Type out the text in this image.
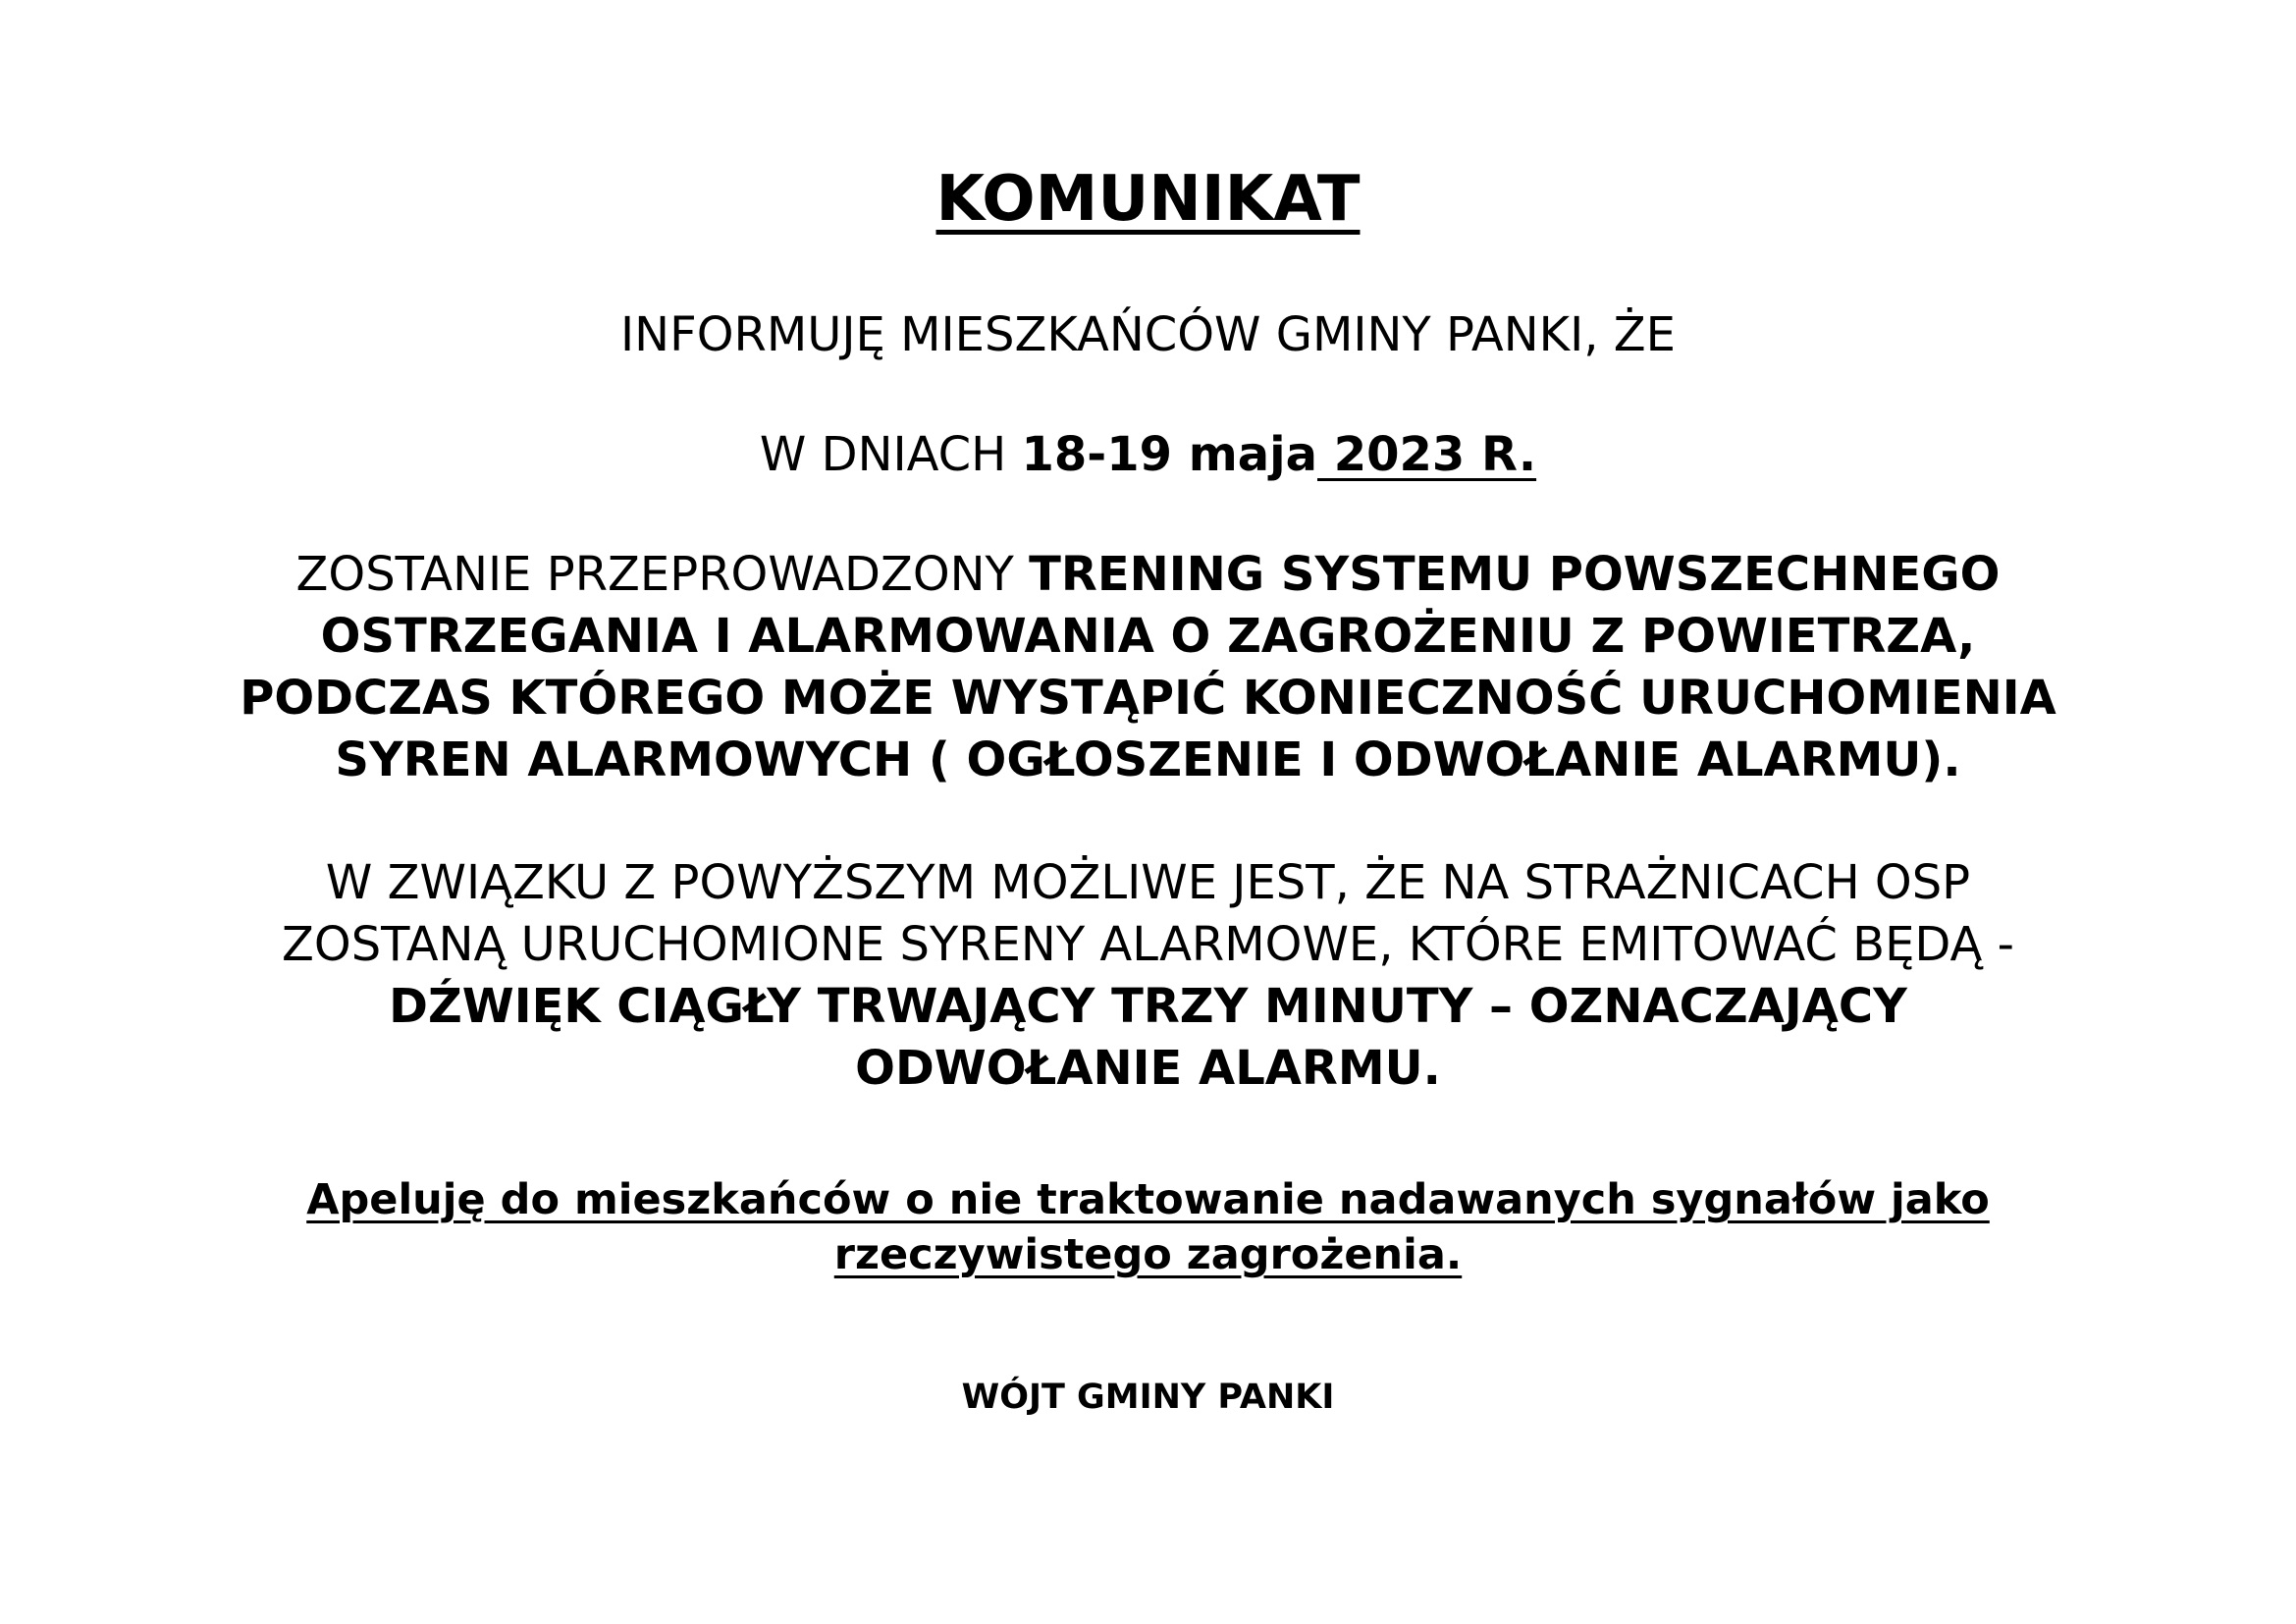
KOMUNIKAT
INFORMUJĘ MIESZKAŃCÓW GMINY PANKI, ŻE
W DNIACH 18-19 maja 2023 R.
ZOSTANIE PRZEPROWADZONY TRENING SYSTEMU POWSZECHNEGO
OSTRZEGANIA I ALARMOWANIA O ZAGROŻENIU Z POWIETRZA,
PODCZAS KTÓREGO MOŻE WYSTĄPIĆ KONIECZNOŚĆ URUCHOMIENIA
SYREN ALARMOWYCH ( OGŁOSZENIE I ODWOŁANIE ALARMU).
W ZWIĄZKU Z POWYŻSZYM MOŻLIWE JEST, ŻE NA STRAŻNICACH OSP
ZOSTANĄ URUCHOMIONE SYRENY ALARMOWE, KTÓRE EMITOWAĆ BĘDĄ -
DŹWIĘK CIĄGŁY TRWAJĄCY TRZY MINUTY – OZNACZAJĄCY
ODWOŁANIE ALARMU.
Apeluję do mieszkańców o nie traktowanie nadawanych sygnałów jako
rzeczywistego zagrożenia.
WÓJT GMINY PANKI
